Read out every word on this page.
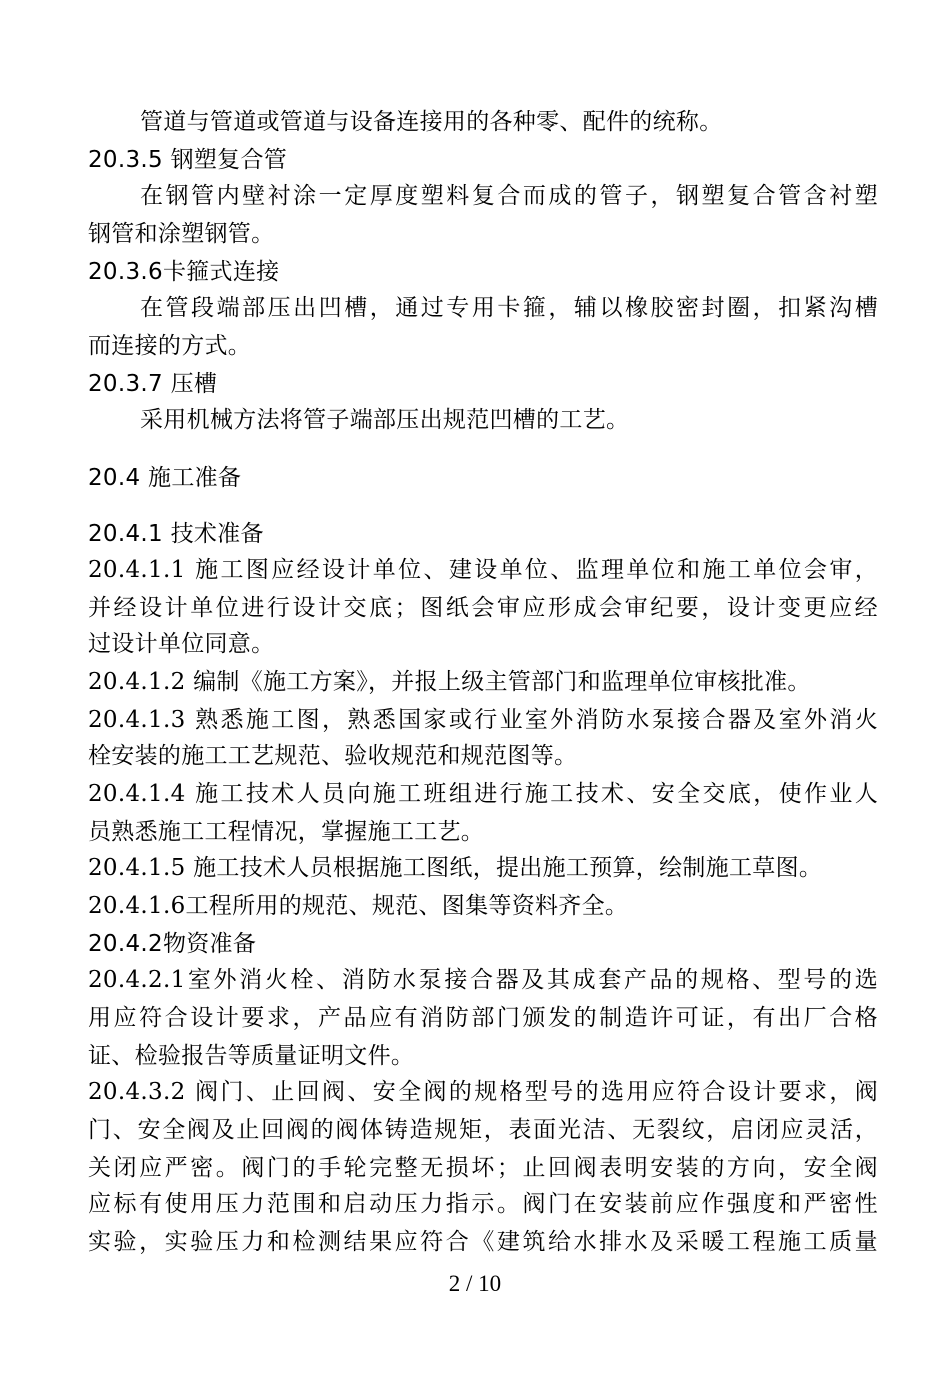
管道与管道或管道与设备连接用的各种零、配件的统称。
20.3.5 钢塑复合管
在钢管内壁衬涂一定厚度塑料复合而成的管子，钢塑复合管含衬塑
钢管和涂塑钢管。
20.3.6卡箍式连接
在管段端部压出凹槽，通过专用卡箍，辅以橡胶密封圈，扣紧沟槽
而连接的方式。
20.3.7 压槽
采用机械方法将管子端部压出规范凹槽的工艺。
20.4 施工准备
20.4.1 技术准备
20.4.1.1 施工图应经设计单位、建设单位、监理单位和施工单位会审，
并经设计单位进行设计交底；图纸会审应形成会审纪要，设计变更应经
过设计单位同意。
20.4.1.2 编制《施工方案》，并报上级主管部门和监理单位审核批准。
20.4.1.3 熟悉施工图，熟悉国家或行业室外消防水泵接合器及室外消火
栓安装的施工工艺规范、验收规范和规范图等。
20.4.1.4 施工技术人员向施工班组进行施工技术、安全交底，使作业人
员熟悉施工工程情况，掌握施工工艺。
20.4.1.5 施工技术人员根据施工图纸，提出施工预算，绘制施工草图。
20.4.1.6工程所用的规范、规范、图集等资料齐全。
20.4.2物资准备
20.4.2.1室外消火栓、消防水泵接合器及其成套产品的规格、型号的选
用应符合设计要求，产品应有消防部门颁发的制造许可证，有出厂合格
证、检验报告等质量证明文件。
20.4.3.2 阀门、止回阀、安全阀的规格型号的选用应符合设计要求，阀
门、安全阀及止回阀的阀体铸造规矩，表面光洁、无裂纹，启闭应灵活，
关闭应严密。阀门的手轮完整无损坏；止回阀表明安装的方向，安全阀
应标有使用压力范围和启动压力指示。阀门在安装前应作强度和严密性
实验，实验压力和检测结果应符合《建筑给水排水及采暖工程施工质量
2 / 10
